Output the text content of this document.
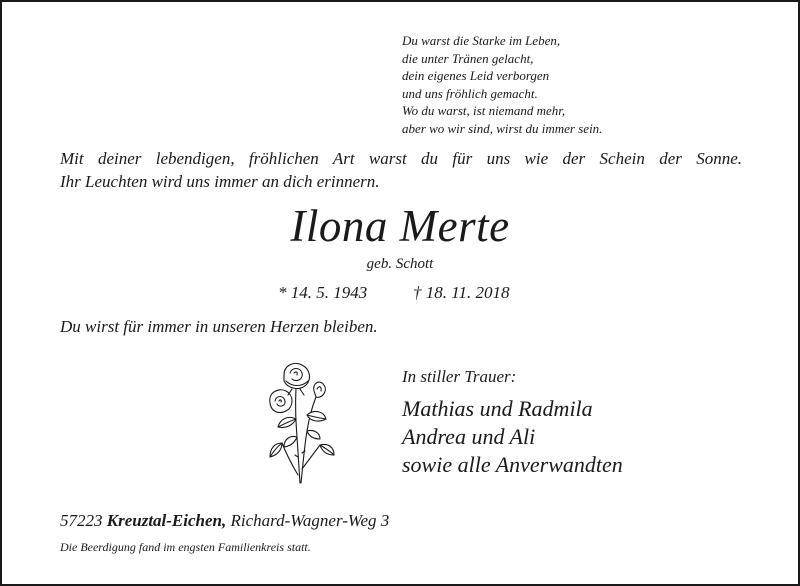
Du warst die Starke im Leben,
die unter Tränen gelacht,
dein eigenes Leid verborgen
und uns fröhlich gemacht.
Wo du warst, ist niemand mehr,
aber wo wir sind, wirst du immer sein.
Mit deiner lebendigen, fröhlichen Art warst du für uns wie der Schein der Sonne.
Ihr Leuchten wird uns immer an dich erinnern.
Ilona Merte
geb. Schott
* 14. 5. 1943	† 18. 11. 2018
Du wirst für immer in unseren Herzen bleiben.
In stiller Trauer:
Mathias und Radmila
Andrea und Ali
sowie alle Anverwandten
57223 Kreuztal-Eichen, Richard-Wagner-Weg 3
Die Beerdigung fand im engsten Familienkreis statt.
